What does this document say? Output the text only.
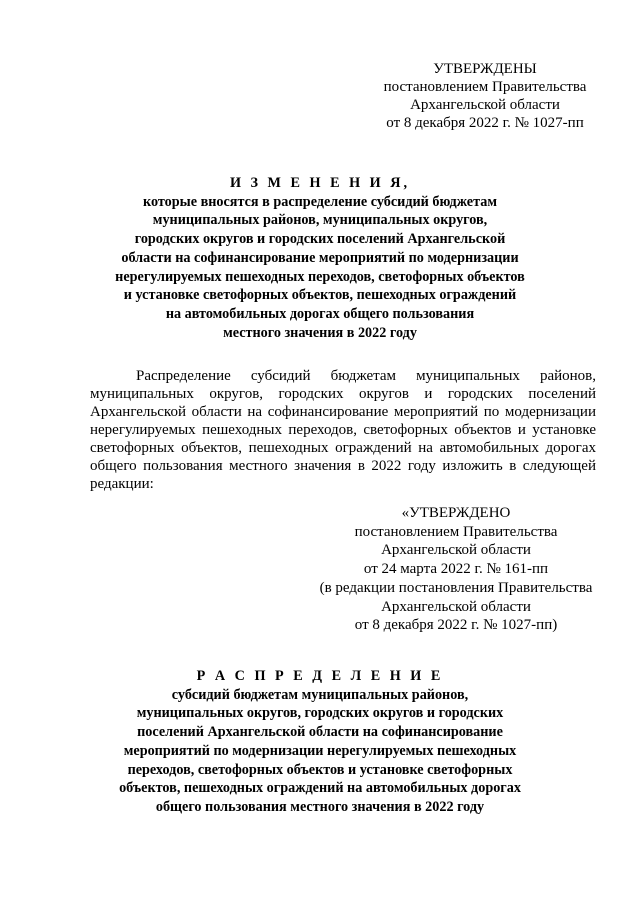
УТВЕРЖДЕНЫ
постановлением Правительства
Архангельской области
от 8 декабря 2022 г. № 1027-пп
И З М Е Н Е Н И Я,
которые вносятся в распределение субсидий бюджетам
муниципальных районов, муниципальных округов,
городских округов и городских поселений Архангельской
области на софинансирование мероприятий по модернизации
нерегулируемых пешеходных переходов, светофорных объектов
и установке светофорных объектов, пешеходных ограждений
на автомобильных дорогах общего пользования
местного значения в 2022 году
Распределение субсидий бюджетам муниципальных районов,
муниципальных округов, городских округов и городских поселений
Архангельской области на софинансирование мероприятий по модернизации
нерегулируемых пешеходных переходов, светофорных объектов и установке
светофорных объектов, пешеходных ограждений на автомобильных дорогах
общего пользования местного значения в 2022 году изложить в следующей
редакции:
«УТВЕРЖДЕНО
постановлением Правительства
Архангельской области
от 24 марта 2022 г. № 161-пп
(в редакции постановления Правительства
Архангельской области
от 8 декабря 2022 г. № 1027-пп)
Р А С П Р Е Д Е Л Е Н И Е
субсидий бюджетам муниципальных районов,
муниципальных округов, городских округов и городских
поселений Архангельской области на софинансирование
мероприятий по модернизации нерегулируемых пешеходных
переходов, светофорных объектов и установке светофорных
объектов, пешеходных ограждений на автомобильных дорогах
общего пользования местного значения в 2022 году
